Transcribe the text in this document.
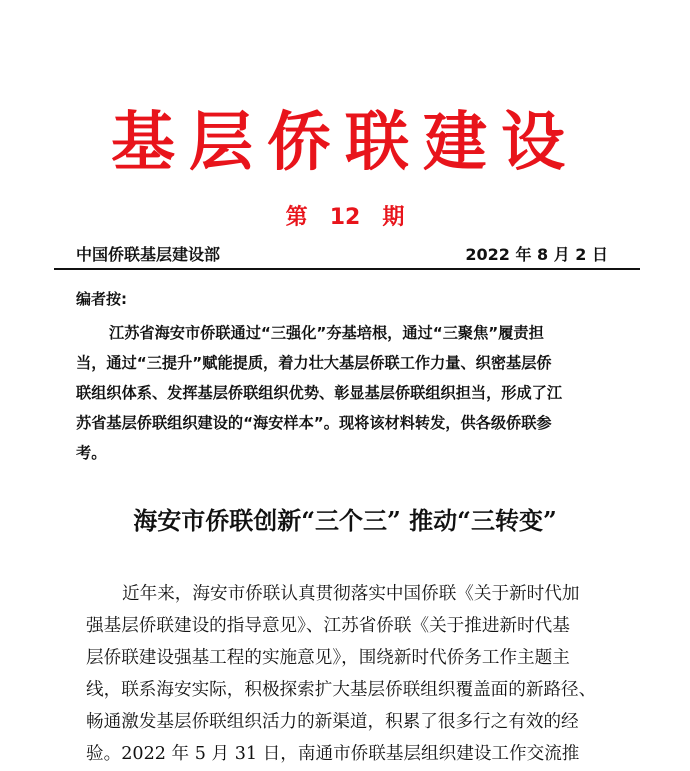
基层侨联建设
第 12 期
中国侨联基层建设部	2022 年 8 月 2 日
编者按:
江苏省海安市侨联通过“三强化”夯基培根，通过“三聚焦”履责担
当，通过“三提升”赋能提质，着力壮大基层侨联工作力量、织密基层侨
联组织体系、发挥基层侨联组织优势、彰显基层侨联组织担当，形成了江
苏省基层侨联组织建设的“海安样本”。现将该材料转发，供各级侨联参
考。
海安市侨联创新“三个三” 推动“三转变”
近年来，海安市侨联认真贯彻落实中国侨联《关于新时代加
强基层侨联建设的指导意见》、江苏省侨联《关于推进新时代基
层侨联建设强基工程的实施意见》，围绕新时代侨务工作主题主
线，联系海安实际，积极探索扩大基层侨联组织覆盖面的新路径、
畅通激发基层侨联组织活力的新渠道，积累了很多行之有效的经
验。2022 年 5 月 31 日，南通市侨联基层组织建设工作交流推
